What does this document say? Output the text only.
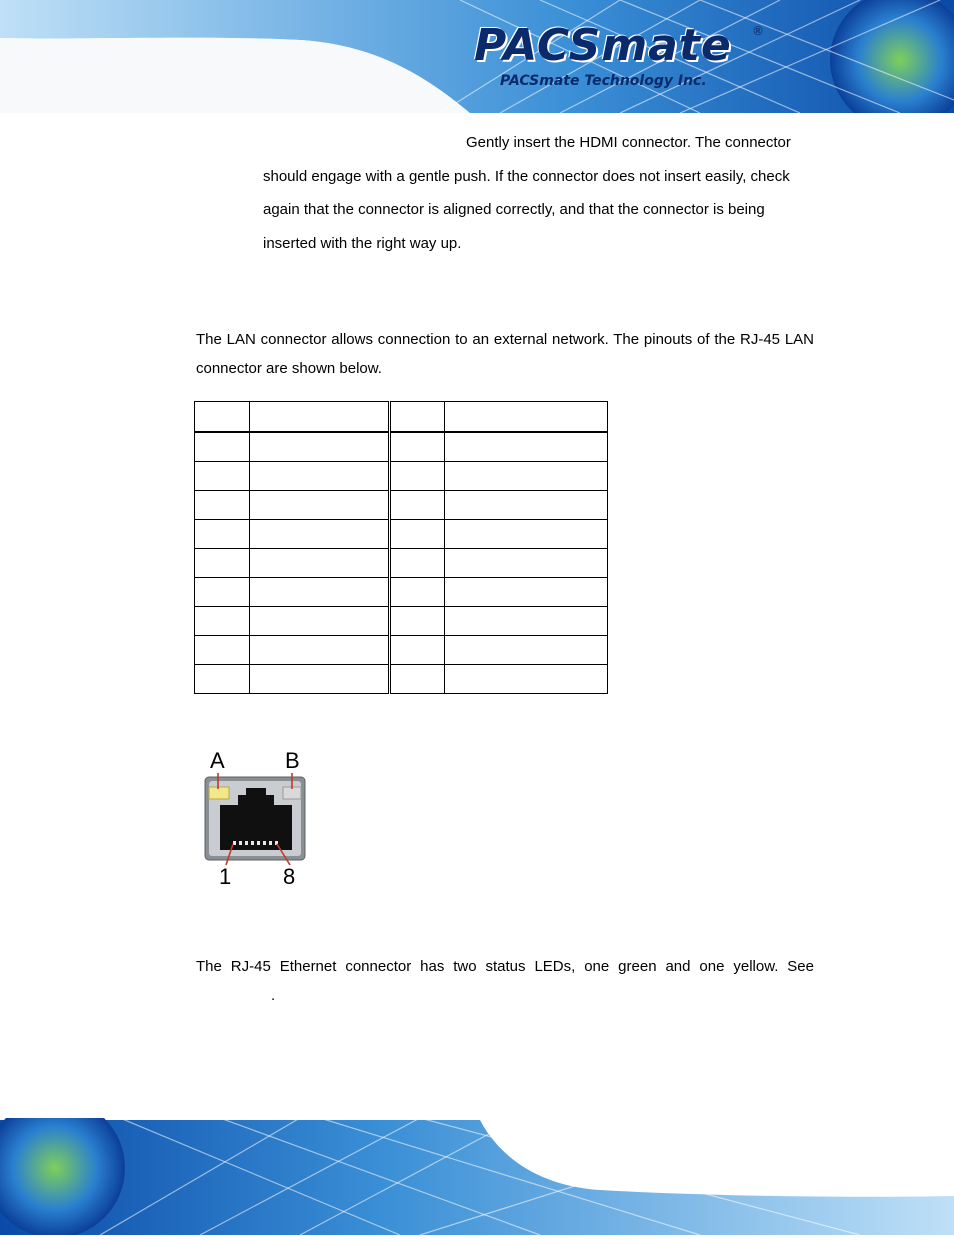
PACSmate ®
PACSmate Technology Inc.
Gently insert the HDMI connector. The connector
should engage with a gentle push. If the connector does not insert easily, check
again that the connector is aligned correctly, and that the connector is being
inserted with the right way up.
The LAN connector allows connection to an external network. The pinouts of the RJ-45 LAN connector are shown below.

A	B
1 8
The RJ-45 Ethernet connector has two status LEDs, one green and one yellow. See
.
